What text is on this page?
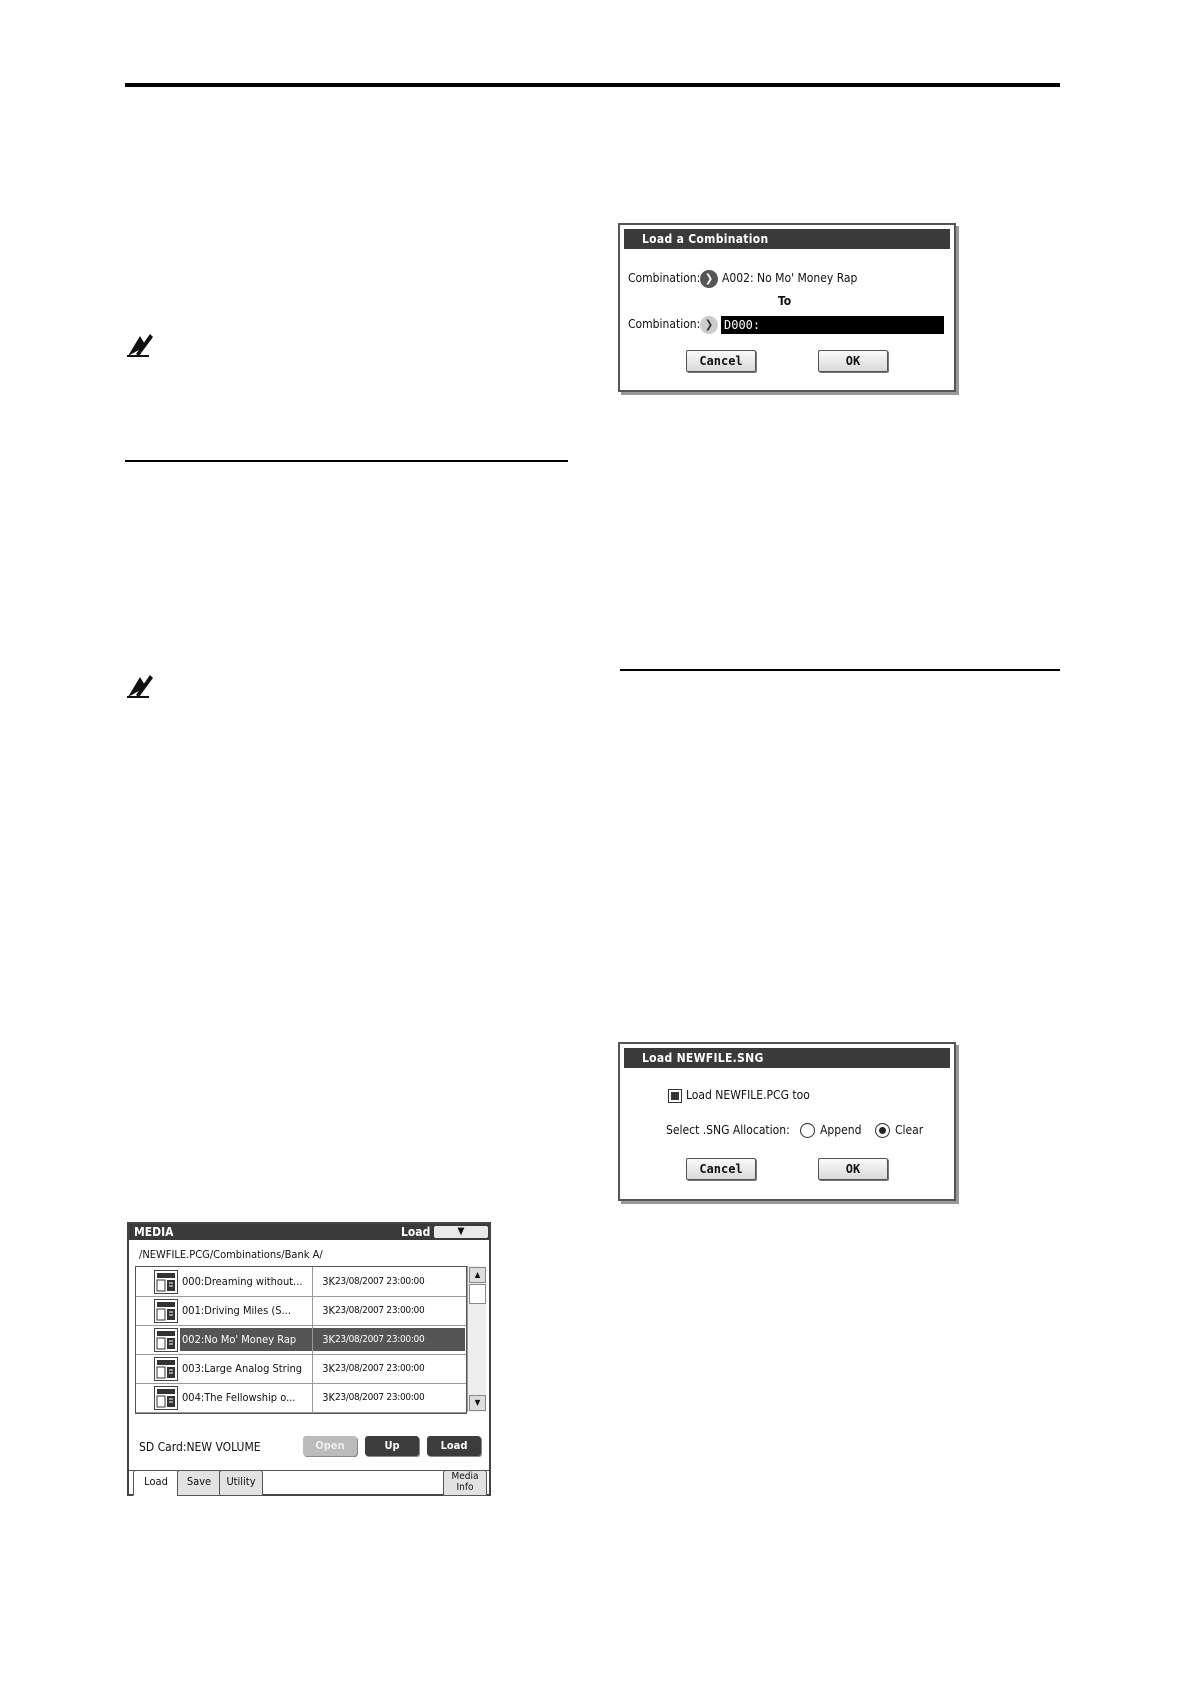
Load a Combination
Combination: ❯ A002: No Mo' Money Rap
To
Combination: ❯ D000:
Cancel	OK
Load NEWFILE.SNG
Load NEWFILE.PCG too
Select .SNG Allocation:	Append	Clear
Cancel	OK
MEDIA	Load	▼
/NEWFILE.PCG/Combinations/Bank A/
000:Dreaming without...	3K 23/08/2007 23:00:00
001:Driving Miles (S...	3K 23/08/2007 23:00:00
002:No Mo' Money Rap	3K 23/08/2007 23:00:00
003:Large Analog String	3K 23/08/2007 23:00:00
004:The Fellowship o...	3K 23/08/2007 23:00:00
▲
▼
SD Card:NEW VOLUME	Open	Up	Load
Load	Save	Utility	Media
Info
